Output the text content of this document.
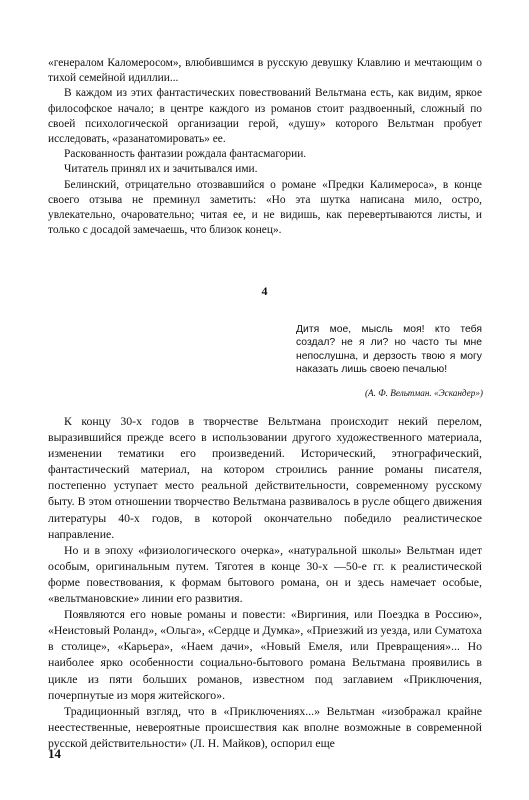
«генералом Каломеросом», влюбившимся в русскую девушку Клавлию и мечтающим о тихой семейной идиллии...

В каждом из этих фантастических повествований Вельтмана есть, как видим, яркое философское начало; в центре каждого из романов стоит раздвоенный, сложный по своей психологической организации герой, «душу» которого Вельтман пробует исследовать, «разанатомировать» ее.

Раскованность фантазии рождала фантасмагории.

Читатель принял их и зачитывался ими.

Белинский, отрицательно отозвавшийся о романе «Предки Калимероса», в конце своего отзыва не преминул заметить: «Но эта шутка написана мило, остро, увлекательно, очаровательно; читая ее, и не видишь, как перевертываются листы, и только с досадой замечаешь, что близок конец».

4
Дитя мое, мысль моя! кто тебя создал? не я ли? но часто ты мне непослушна, и дерзость твою я могу наказать лишь своею печалью!
(А. Ф. Вельтман. «Эскандер»)

К концу 30-х годов в творчестве Вельтмана происходит некий перелом, выразившийся прежде всего в использовании другого художественного материала, изменении тематики его произведений. Исторический, этнографический, фантастический материал, на котором строились ранние романы писателя, постепенно уступает место реальной действительности, современному русскому быту. В этом отношении творчество Вельтмана развивалось в русле общего движения литературы 40-х годов, в которой окончательно победило реалистическое направление.

Но и в эпоху «физиологического очерка», «натуральной школы» Вельтман идет особым, оригинальным путем. Тяготея в конце 30-х —50-е гг. к реалистической форме повествования, к формам бытового романа, он и здесь намечает особые, «вельтмановские» линии его развития.

Появляются его новые романы и повести: «Виргиния, или Поездка в Россию», «Неистовый Роланд», «Ольга», «Сердце и Думка», «Приезжий из уезда, или Суматоха в столице», «Карьера», «Наем дачи», «Новый Емеля, или Превращения»... Но наиболее ярко особенности социально-бытового романа Вельтмана проявились в цикле из пяти больших романов, известном под заглавием «Приключения, почерпнутые из моря житейского».

Традиционный взгляд, что в «Приключениях...» Вельтман «изображал крайне неестественные, невероятные происшествия как вполне возможные в современной русской действительности» (Л. Н. Майков), оспорил еще

14
